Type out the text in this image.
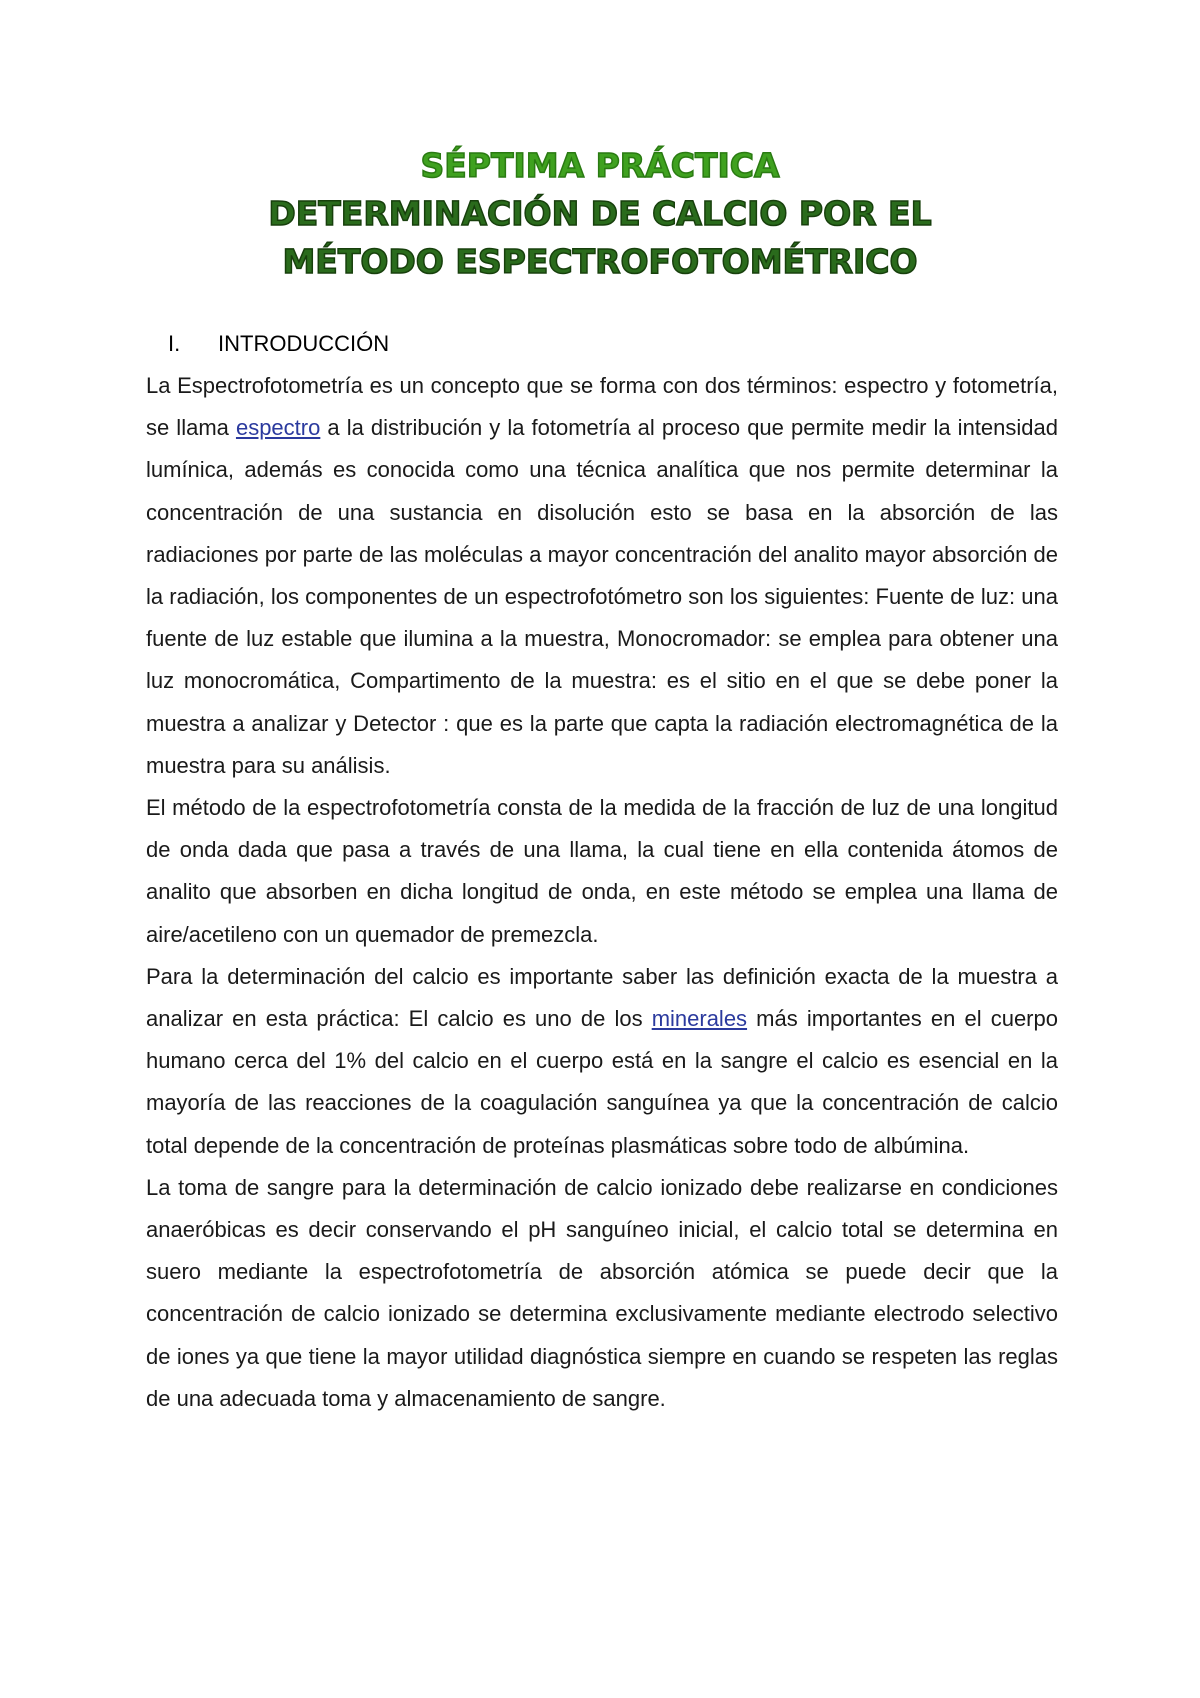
SÉPTIMA PRÁCTICA
DETERMINACIÓN DE CALCIO POR EL
MÉTODO ESPECTROFOTOMÉTRICO
I. INTRODUCCIÓN

La Espectrofotometría es un concepto que se forma con dos términos: espectro y fotometría, se llama espectro a la distribución y la fotometría al proceso que permite medir la intensidad lumínica, además es conocida como una técnica analítica que nos permite determinar la concentración de una sustancia en disolución esto se basa en la absorción de las radiaciones por parte de las moléculas a mayor concentración del analito mayor absorción de la radiación, los componentes de un espectrofotómetro son los siguientes: Fuente de luz: una fuente de luz estable que ilumina a la muestra, Monocromador: se emplea para obtener una luz monocromática, Compartimento de la muestra: es el sitio en el que se debe poner la muestra a analizar y Detector : que es la parte que capta la radiación electromagnética de la muestra para su análisis.

El método de la espectrofotometría consta de la medida de la fracción de luz de una longitud de onda dada que pasa a través de una llama, la cual tiene en ella contenida átomos de analito que absorben en dicha longitud de onda, en este método se emplea una llama de aire/acetileno con un quemador de premezcla.

Para la determinación del calcio es importante saber las definición exacta de la muestra a analizar en esta práctica: El calcio es uno de los minerales más importantes en el cuerpo humano cerca del 1% del calcio en el cuerpo está en la sangre el calcio es esencial en la mayoría de las reacciones de la coagulación sanguínea ya que la concentración de calcio total depende de la concentración de proteínas plasmáticas sobre todo de albúmina.

La toma de sangre para la determinación de calcio ionizado debe realizarse en condiciones anaeróbicas es decir conservando el pH sanguíneo inicial, el calcio total se determina en suero mediante la espectrofotometría de absorción atómica se puede decir que la concentración de calcio ionizado se determina exclusivamente mediante electrodo selectivo de iones ya que tiene la mayor utilidad diagnóstica siempre en cuando se respeten las reglas de una adecuada toma y almacenamiento de sangre.
